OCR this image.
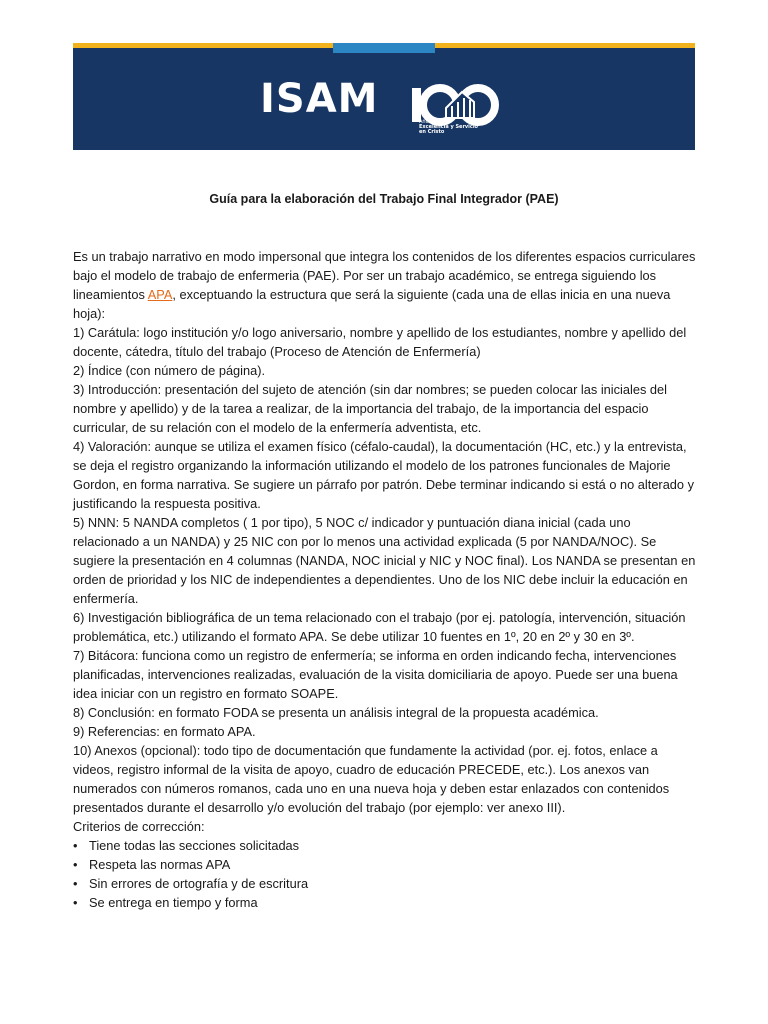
ISAM	Años de
Excelencia y Servicio
en Cristo
Guía para la elaboración del Trabajo Final Integrador (PAE)

Es un trabajo narrativo en modo impersonal que integra los contenidos de los diferentes espacios curriculares bajo el modelo de trabajo de enfermeria (PAE). Por ser un trabajo académico, se entrega siguiendo los lineamientos APA, exceptuando la estructura que será la siguiente (cada una de ellas inicia en una nueva hoja):

1) Carátula: logo institución y/o logo aniversario, nombre y apellido de los estudiantes, nombre y apellido del docente, cátedra, título del trabajo (Proceso de Atención de Enfermería)

2) Índice (con número de página).

3) Introducción: presentación del sujeto de atención (sin dar nombres; se pueden colocar las iniciales del nombre y apellido) y de la tarea a realizar, de la importancia del trabajo, de la importancia del espacio curricular, de su relación con el modelo de la enfermería adventista, etc.

4) Valoración: aunque se utiliza el examen físico (céfalo-caudal), la documentación (HC, etc.) y la entrevista, se deja el registro organizando la información utilizando el modelo de los patrones funcionales de Majorie Gordon, en forma narrativa. Se sugiere un párrafo por patrón. Debe terminar indicando si está o no alterado y justificando la respuesta positiva.

5) NNN: 5 NANDA completos ( 1 por tipo), 5 NOC c/ indicador y puntuación diana inicial (cada uno relacionado a un NANDA) y 25 NIC con por lo menos una actividad explicada (5 por NANDA/NOC). Se sugiere la presentación en 4 columnas (NANDA, NOC inicial y NIC y NOC final). Los NANDA se presentan en orden de prioridad y los NIC de independientes a dependientes. Uno de los NIC debe incluir la educación en enfermería.

6) Investigación bibliográfica de un tema relacionado con el trabajo (por ej. patología, intervención, situación problemática, etc.) utilizando el formato APA. Se debe utilizar 10 fuentes en 1º, 20 en 2º y 30 en 3º.

7) Bitácora: funciona como un registro de enfermería; se informa en orden indicando fecha, intervenciones planificadas, intervenciones realizadas, evaluación de la visita domiciliaria de apoyo. Puede ser una buena idea iniciar con un registro en formato SOAPE.

8) Conclusión: en formato FODA se presenta un análisis integral de la propuesta académica.

9) Referencias: en formato APA.

10) Anexos (opcional): todo tipo de documentación que fundamente la actividad (por. ej. fotos, enlace a videos, registro informal de la visita de apoyo, cuadro de educación PRECEDE, etc.). Los anexos van numerados con números romanos, cada uno en una nueva hoja y deben estar enlazados con contenidos presentados durante el desarrollo y/o evolución del trabajo (por ejemplo: ver anexo III).

Criterios de corrección:

• Tiene todas las secciones solicitadas
• Respeta las normas APA
• Sin errores de ortografía y de escritura
• Se entrega en tiempo y forma
